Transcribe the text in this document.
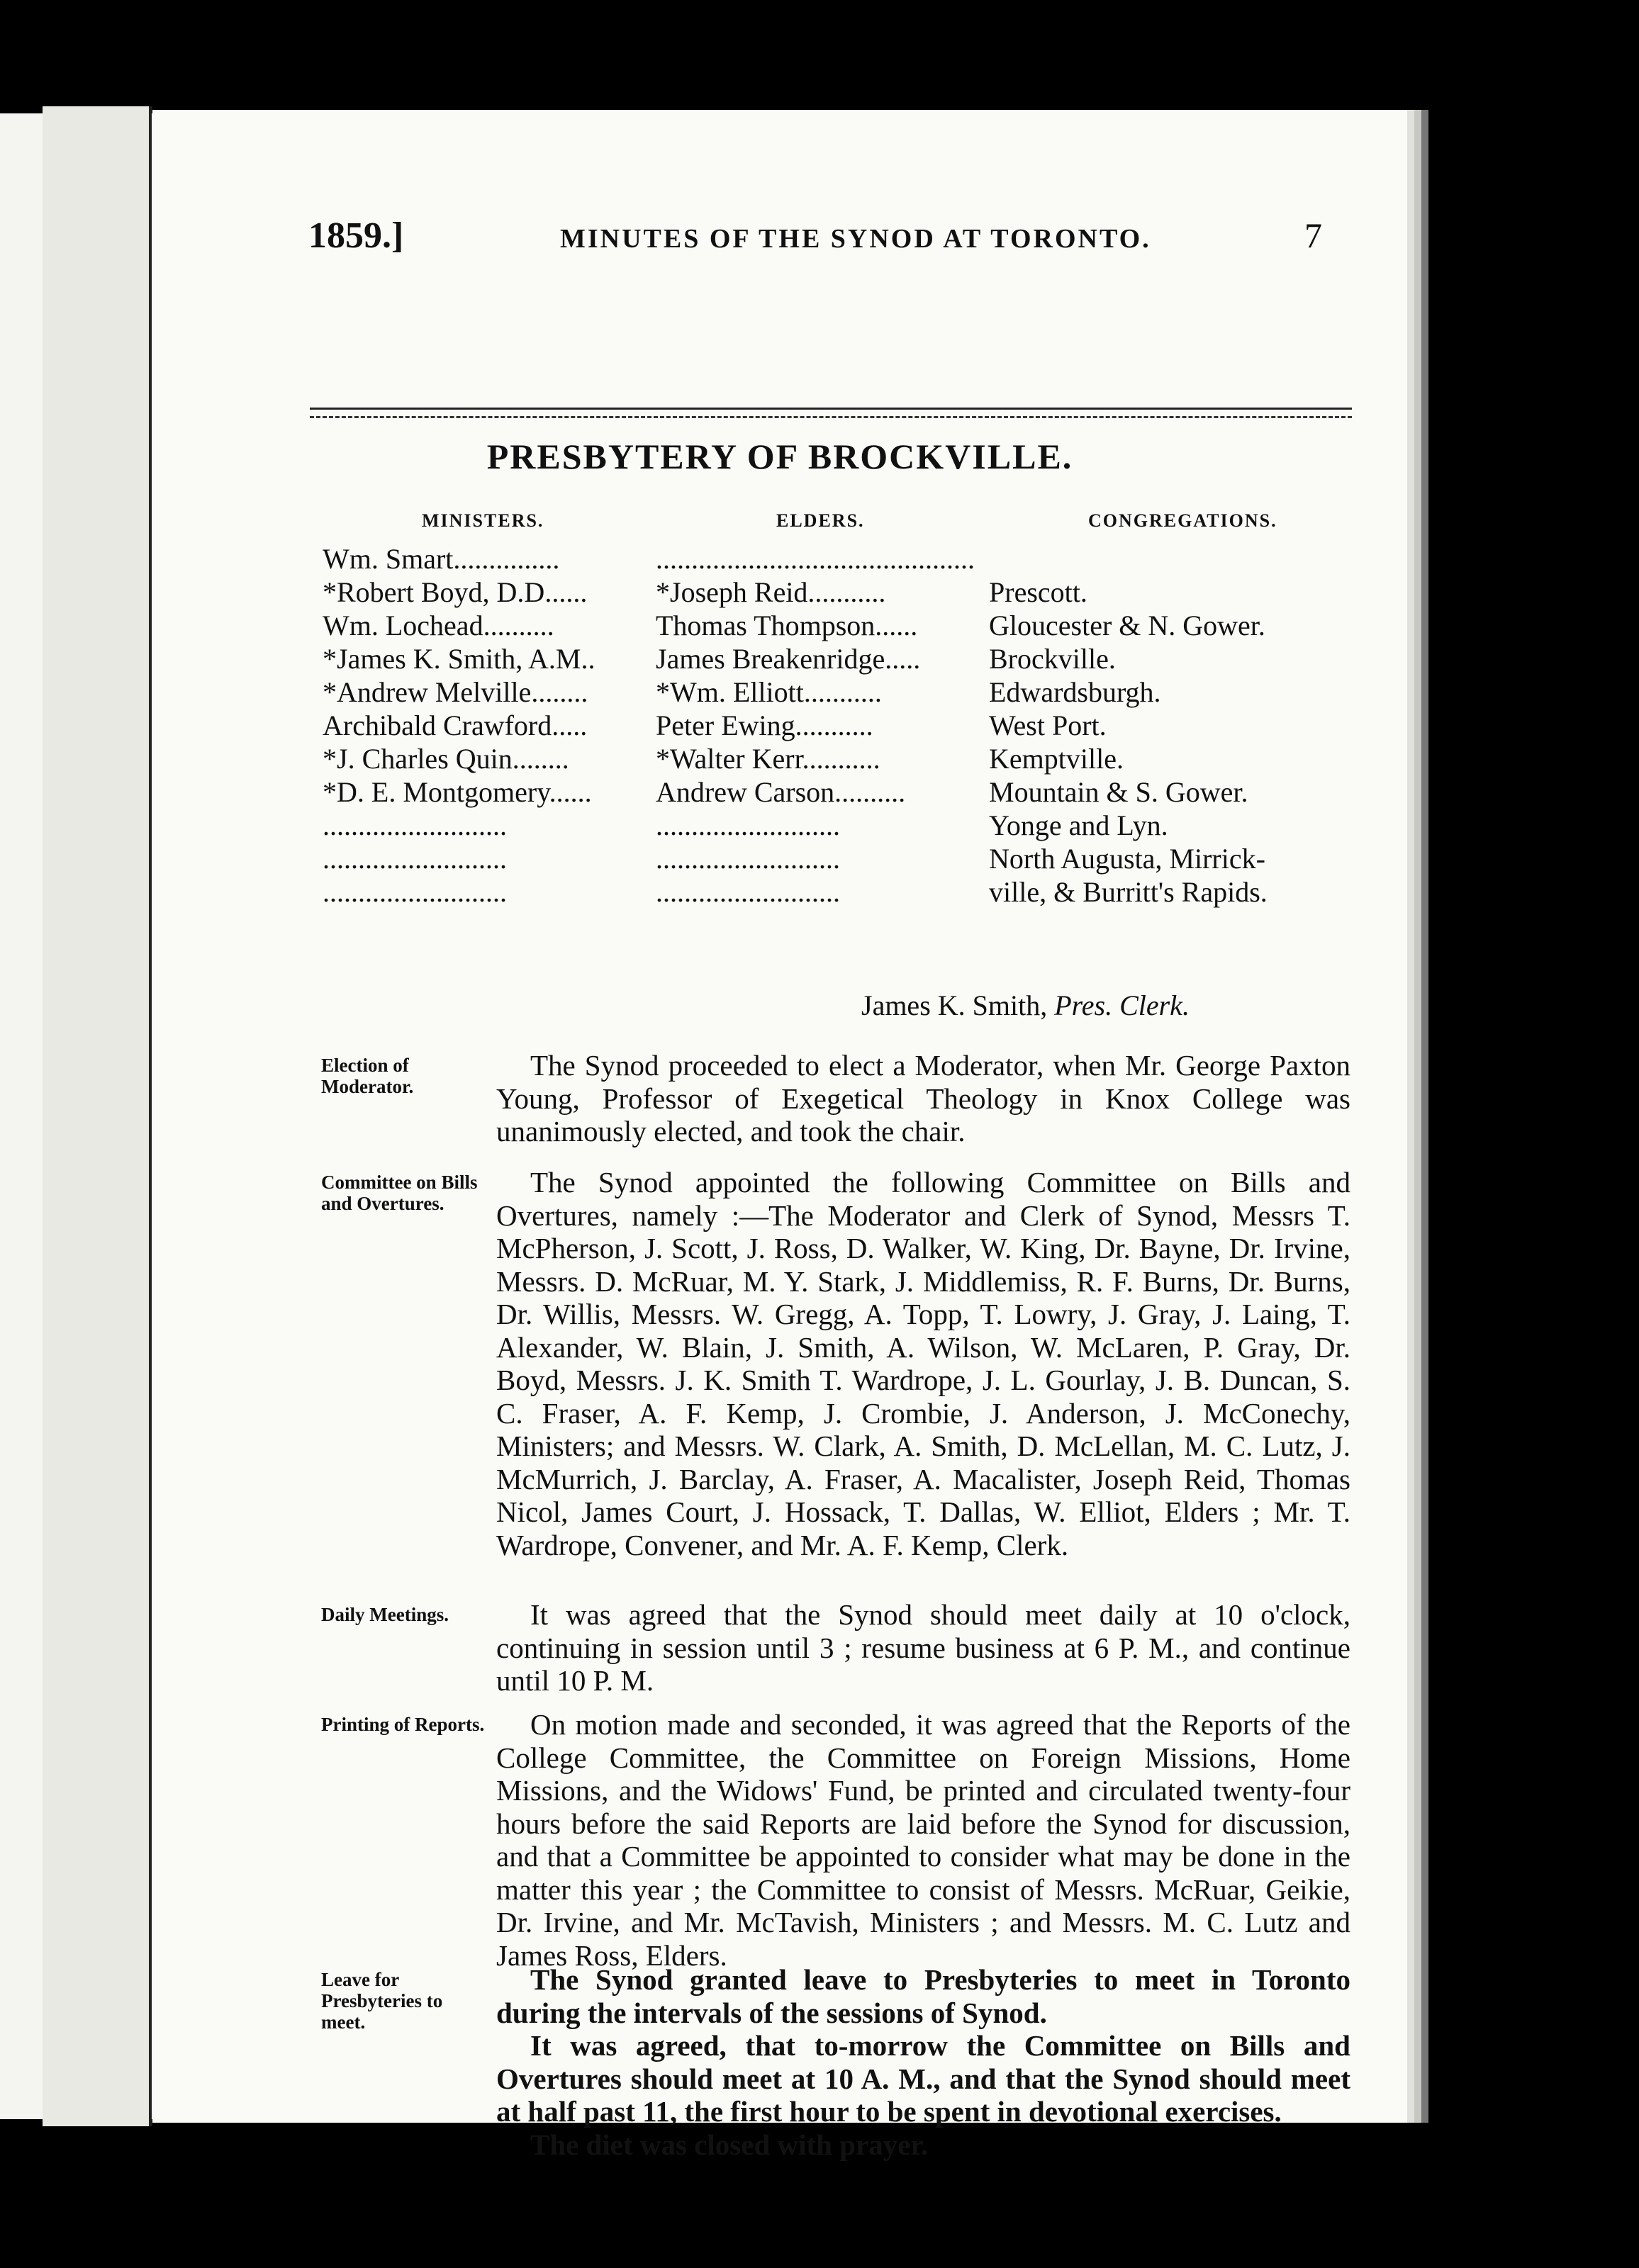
1859.]	MINUTES OF THE SYNOD AT TORONTO.	7
PRESBYTERY OF BROCKVILLE.
MINISTERS.	ELDERS.	CONGREGATIONS.
Wm. Smart...............	.............................................
*Robert Boyd, D.D...... *Joseph Reid...........	Prescott.
Wm. Lochead..........	Thomas Thompson......	Gloucester & N. Gower.
*James K. Smith, A.M.. James Breakenridge..... Brockville.
*Andrew Melville........ *Wm. Elliott...........	Edwardsburgh.
Archibald Crawford..... Peter Ewing...........	West Port.
*J. Charles Quin........	*Walter Kerr...........	Kemptville.
*D. E. Montgomery...... Andrew Carson..........	Mountain & S. Gower.
..........................	..........................	Yonge and Lyn.
..........................	..........................	North Augusta, Mirrick-
..........................	..........................	ville, & Burritt's Rapids.
James K. Smith, Pres. Clerk.
Election of Moderator.

The Synod proceeded to elect a Moderator, when Mr. George Paxton Young, Professor of Exegetical Theology in Knox College was unanimously elected, and took the chair.

Committee on Bills and Overtures.

The Synod appointed the following Committee on Bills and Overtures, namely :—The Moderator and Clerk of Synod, Messrs T. McPherson, J. Scott, J. Ross, D. Walker, W. King, Dr. Bayne, Dr. Irvine, Messrs. D. McRuar, M. Y. Stark, J. Middlemiss, R. F. Burns, Dr. Burns, Dr. Willis, Messrs. W. Gregg, A. Topp, T. Lowry, J. Gray, J. Laing, T. Alexander, W. Blain, J. Smith, A. Wilson, W. McLaren, P. Gray, Dr. Boyd, Messrs. J. K. Smith T. Wardrope, J. L. Gourlay, J. B. Duncan, S. C. Fraser, A. F. Kemp, J. Crombie, J. Anderson, J. McConechy, Ministers; and Messrs. W. Clark, A. Smith, D. McLellan, M. C. Lutz, J. McMurrich, J. Barclay, A. Fraser, A. Macalister, Joseph Reid, Thomas Nicol, James Court, J. Hossack, T. Dallas, W. Elliot, Elders ; Mr. T. Wardrope, Convener, and Mr. A. F. Kemp, Clerk.

Daily Meetings.	It was agreed that the Synod should meet daily at 10 o'clock, continuing in session until 3 ; resume business at 6 P. M., and continue until 10 P. M.

Printing of Reports.	On motion made and seconded, it was agreed that the Reports of the College Committee, the Committee on Foreign Missions, Home Missions, and the Widows' Fund, be printed and circulated twenty-four hours before the said Reports are laid before the Synod for discussion, and that a Committee be appointed to consider what may be done in the matter this year ; the Committee to consist of Messrs. McRuar, Geikie, Dr. Irvine, and Mr. McTavish, Ministers ; and Messrs. M. C. Lutz and James Ross, Elders.

Leave for Presbyteries to meet.

The Synod granted leave to Presbyteries to meet in Toronto during the intervals of the sessions of Synod.

It was agreed, that to-morrow the Committee on Bills and Overtures should meet at 10 A. M., and that the Synod should meet at half past 11, the first hour to be spent in devotional exercises.

The diet was closed with prayer.
